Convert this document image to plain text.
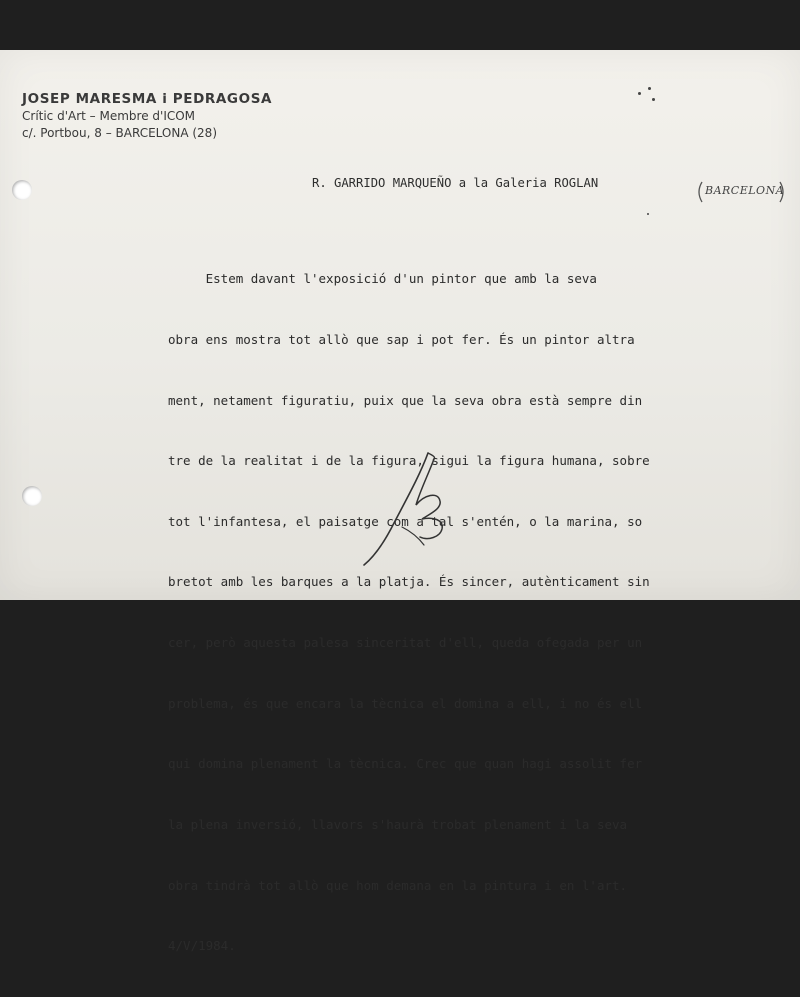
JOSEP MARESMA i PEDRAGOSA

Crític d'Art – Membre d'ICOM

c/. Portbou, 8 – BARCELONA (28)

R. GARRIDO MARQUEÑO a la Galeria ROGLAN
BARCELONA

Estem davant l'exposició d'un pintor que amb la seva

obra ens mostra tot allò que sap i pot fer. És un pintor altra

ment, netament figuratiu, puix que la seva obra està sempre din

tre de la realitat i de la figura, sigui la figura humana, sobre

tot l'infantesa, el paisatge com a tal s'entén, o la marina, so

bretot amb les barques a la platja. És sincer, autènticament sin

cer, però aquesta palesa sinceritat d'ell, queda ofegada per un

problema, és que encara la tècnica el domina a ell, i no és ell

qui domina plenament la tècnica. Crec que quan hagi assolit fer

la plena inversió, llavors s'haurà trobat plenament i la seva

obra tindrà tot allò que hom demana en la pintura i en l'art.

4/V/1984.
